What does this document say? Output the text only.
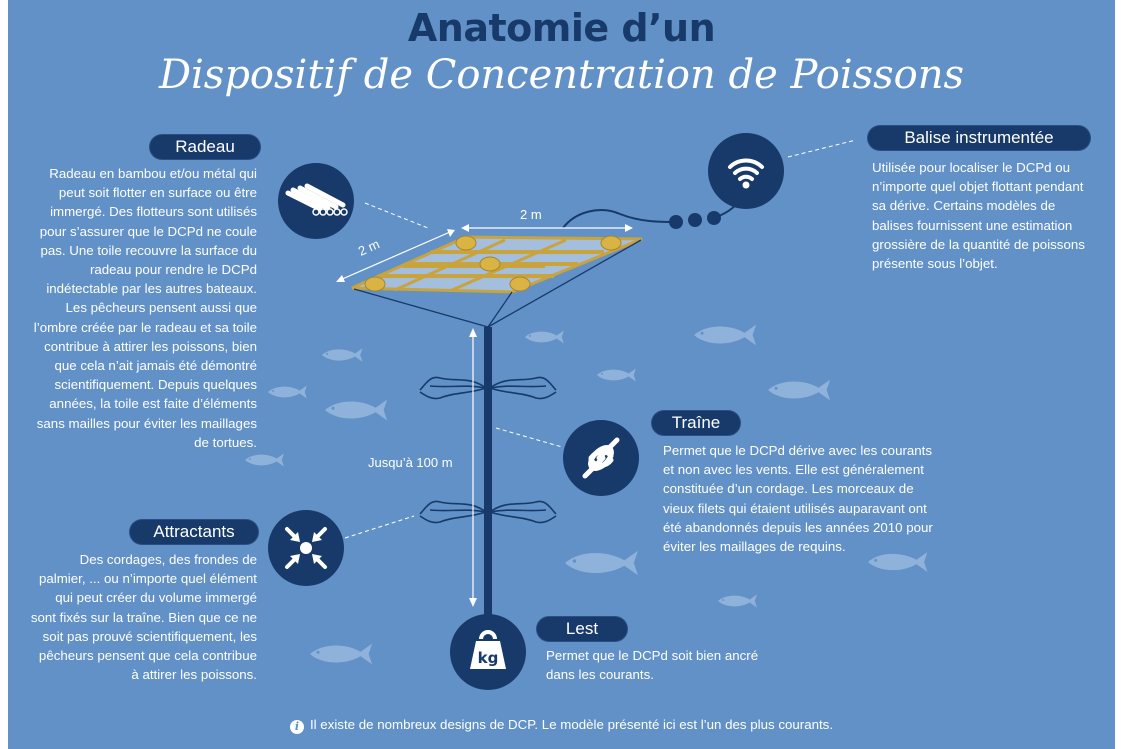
2 m
2 m
Jusqu’à 100 m
Anatomie d’un
Dispositif de Concentration de Poissons
Radeau
Radeau en bambou et/ou métal qui peut soit flotter en surface ou être immergé. Des flotteurs sont utilisés pour s’assurer que le DCPd ne coule pas. Une toile recouvre la surface du radeau pour rendre le DCPd indétectable par les autres bateaux. Les pêcheurs pensent aussi que l’ombre créée par le radeau et sa toile contribue à attirer les poissons, bien que cela n’ait jamais été démontré scientifiquement. Depuis quelques années, la toile est faite d’éléments sans mailles pour éviter les maillages de tortues.
Balise instrumentée
Utilisée pour localiser le DCPd ou n’importe quel objet flottant pendant sa dérive. Certains modèles de balises fournissent une estimation grossière de la quantité de poissons présente sous l’objet.
Traîne
Permet que le DCPd dérive avec les courants et non avec les vents. Elle est généralement constituée d’un cordage. Les morceaux de vieux filets qui étaient utilisés auparavant ont été abandonnés depuis les années 2010 pour éviter les maillages de requins.
Attractants
Des cordages, des frondes de palmier, ... ou n’importe quel élément qui peut créer du volume immergé sont fixés sur la traîne. Bien que ce ne soit pas prouvé scientifiquement, les pêcheurs pensent que cela contribue à attirer les poissons.
Lest
Permet que le DCPd soit bien ancré dans les courants.
kg
i Il existe de nombreux designs de DCP. Le modèle présenté ici est l’un des plus courants.
